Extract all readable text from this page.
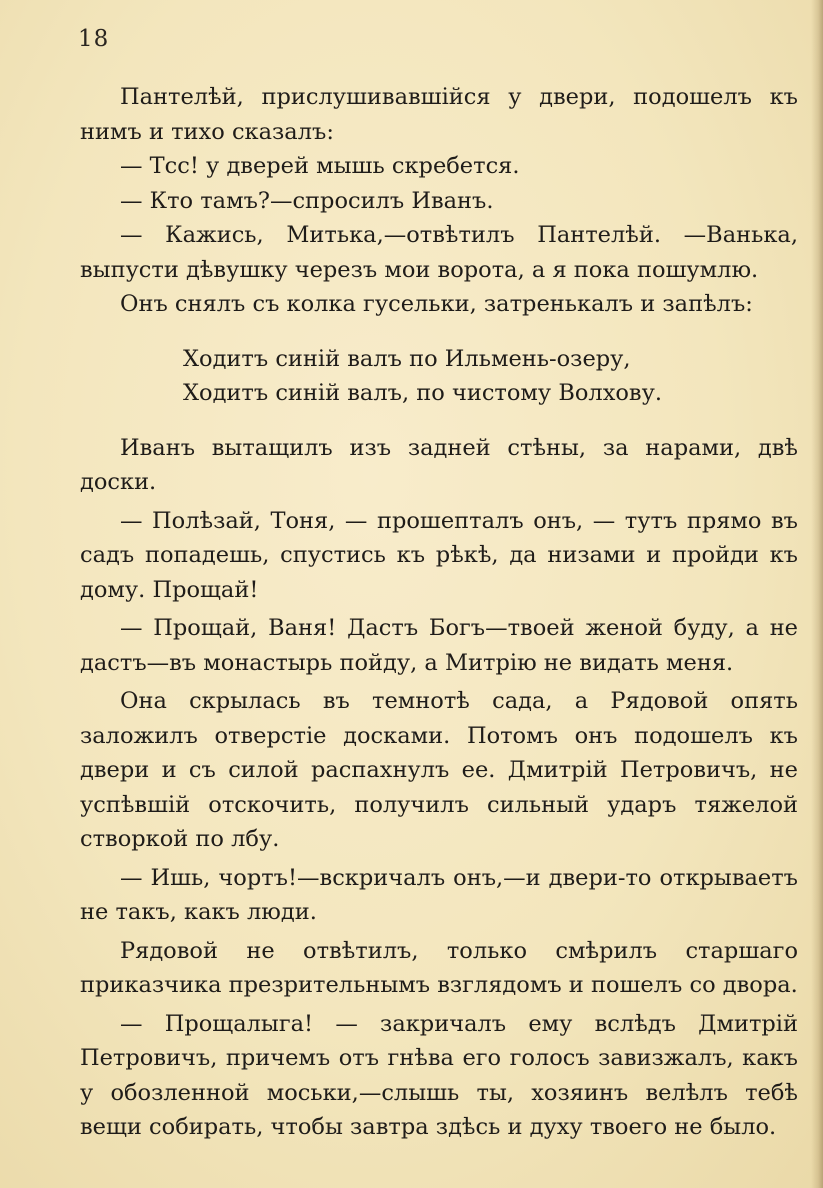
18

Пантелѣй, прислушивавшійся у двери, подошелъ къ нимъ и тихо сказалъ:

— Тсс! у дверей мышь скребется.

— Кто тамъ?—спросилъ Иванъ.

— Кажись, Митька,—отвѣтилъ Пантелѣй. —Ванька, выпусти дѣвушку черезъ мои ворота, а я пока пошумлю.

Онъ снялъ съ колка гусельки, затренькалъ и запѣлъ:

Ходитъ синій валъ по Ильмень-озеру,
Ходитъ синій валъ, по чистому Волхову.

Иванъ вытащилъ изъ задней стѣны, за нарами, двѣ доски.

— Полѣзай, Тоня, — прошепталъ онъ, — тутъ прямо въ садъ попадешь, спустись къ рѣкѣ, да низами и пройди къ дому. Прощай!

— Прощай, Ваня! Дастъ Богъ—твоей женой буду, а не дастъ—въ монастырь пойду, а Митрію не видать меня.

Она скрылась въ темнотѣ сада, а Рядовой опять заложилъ отверстіе досками. Потомъ онъ подошелъ къ двери и съ силой распахнулъ ее. Дмитрій Петровичъ, не успѣвшій отскочить, получилъ сильный ударъ тяжелой створкой по лбу.

— Ишь, чортъ!—вскричалъ онъ,—и двери-то открываетъ не такъ, какъ люди.

Рядовой не отвѣтилъ, только смѣрилъ старшаго приказчика презрительнымъ взглядомъ и пошелъ со двора.

— Прощалыга! — закричалъ ему вслѣдъ Дмитрій Петровичъ, причемъ отъ гнѣва его голосъ завизжалъ, какъ у обозленной моськи,—слышь ты, хозяинъ велѣлъ тебѣ вещи собирать, чтобы завтра здѣсь и духу твоего не было.
